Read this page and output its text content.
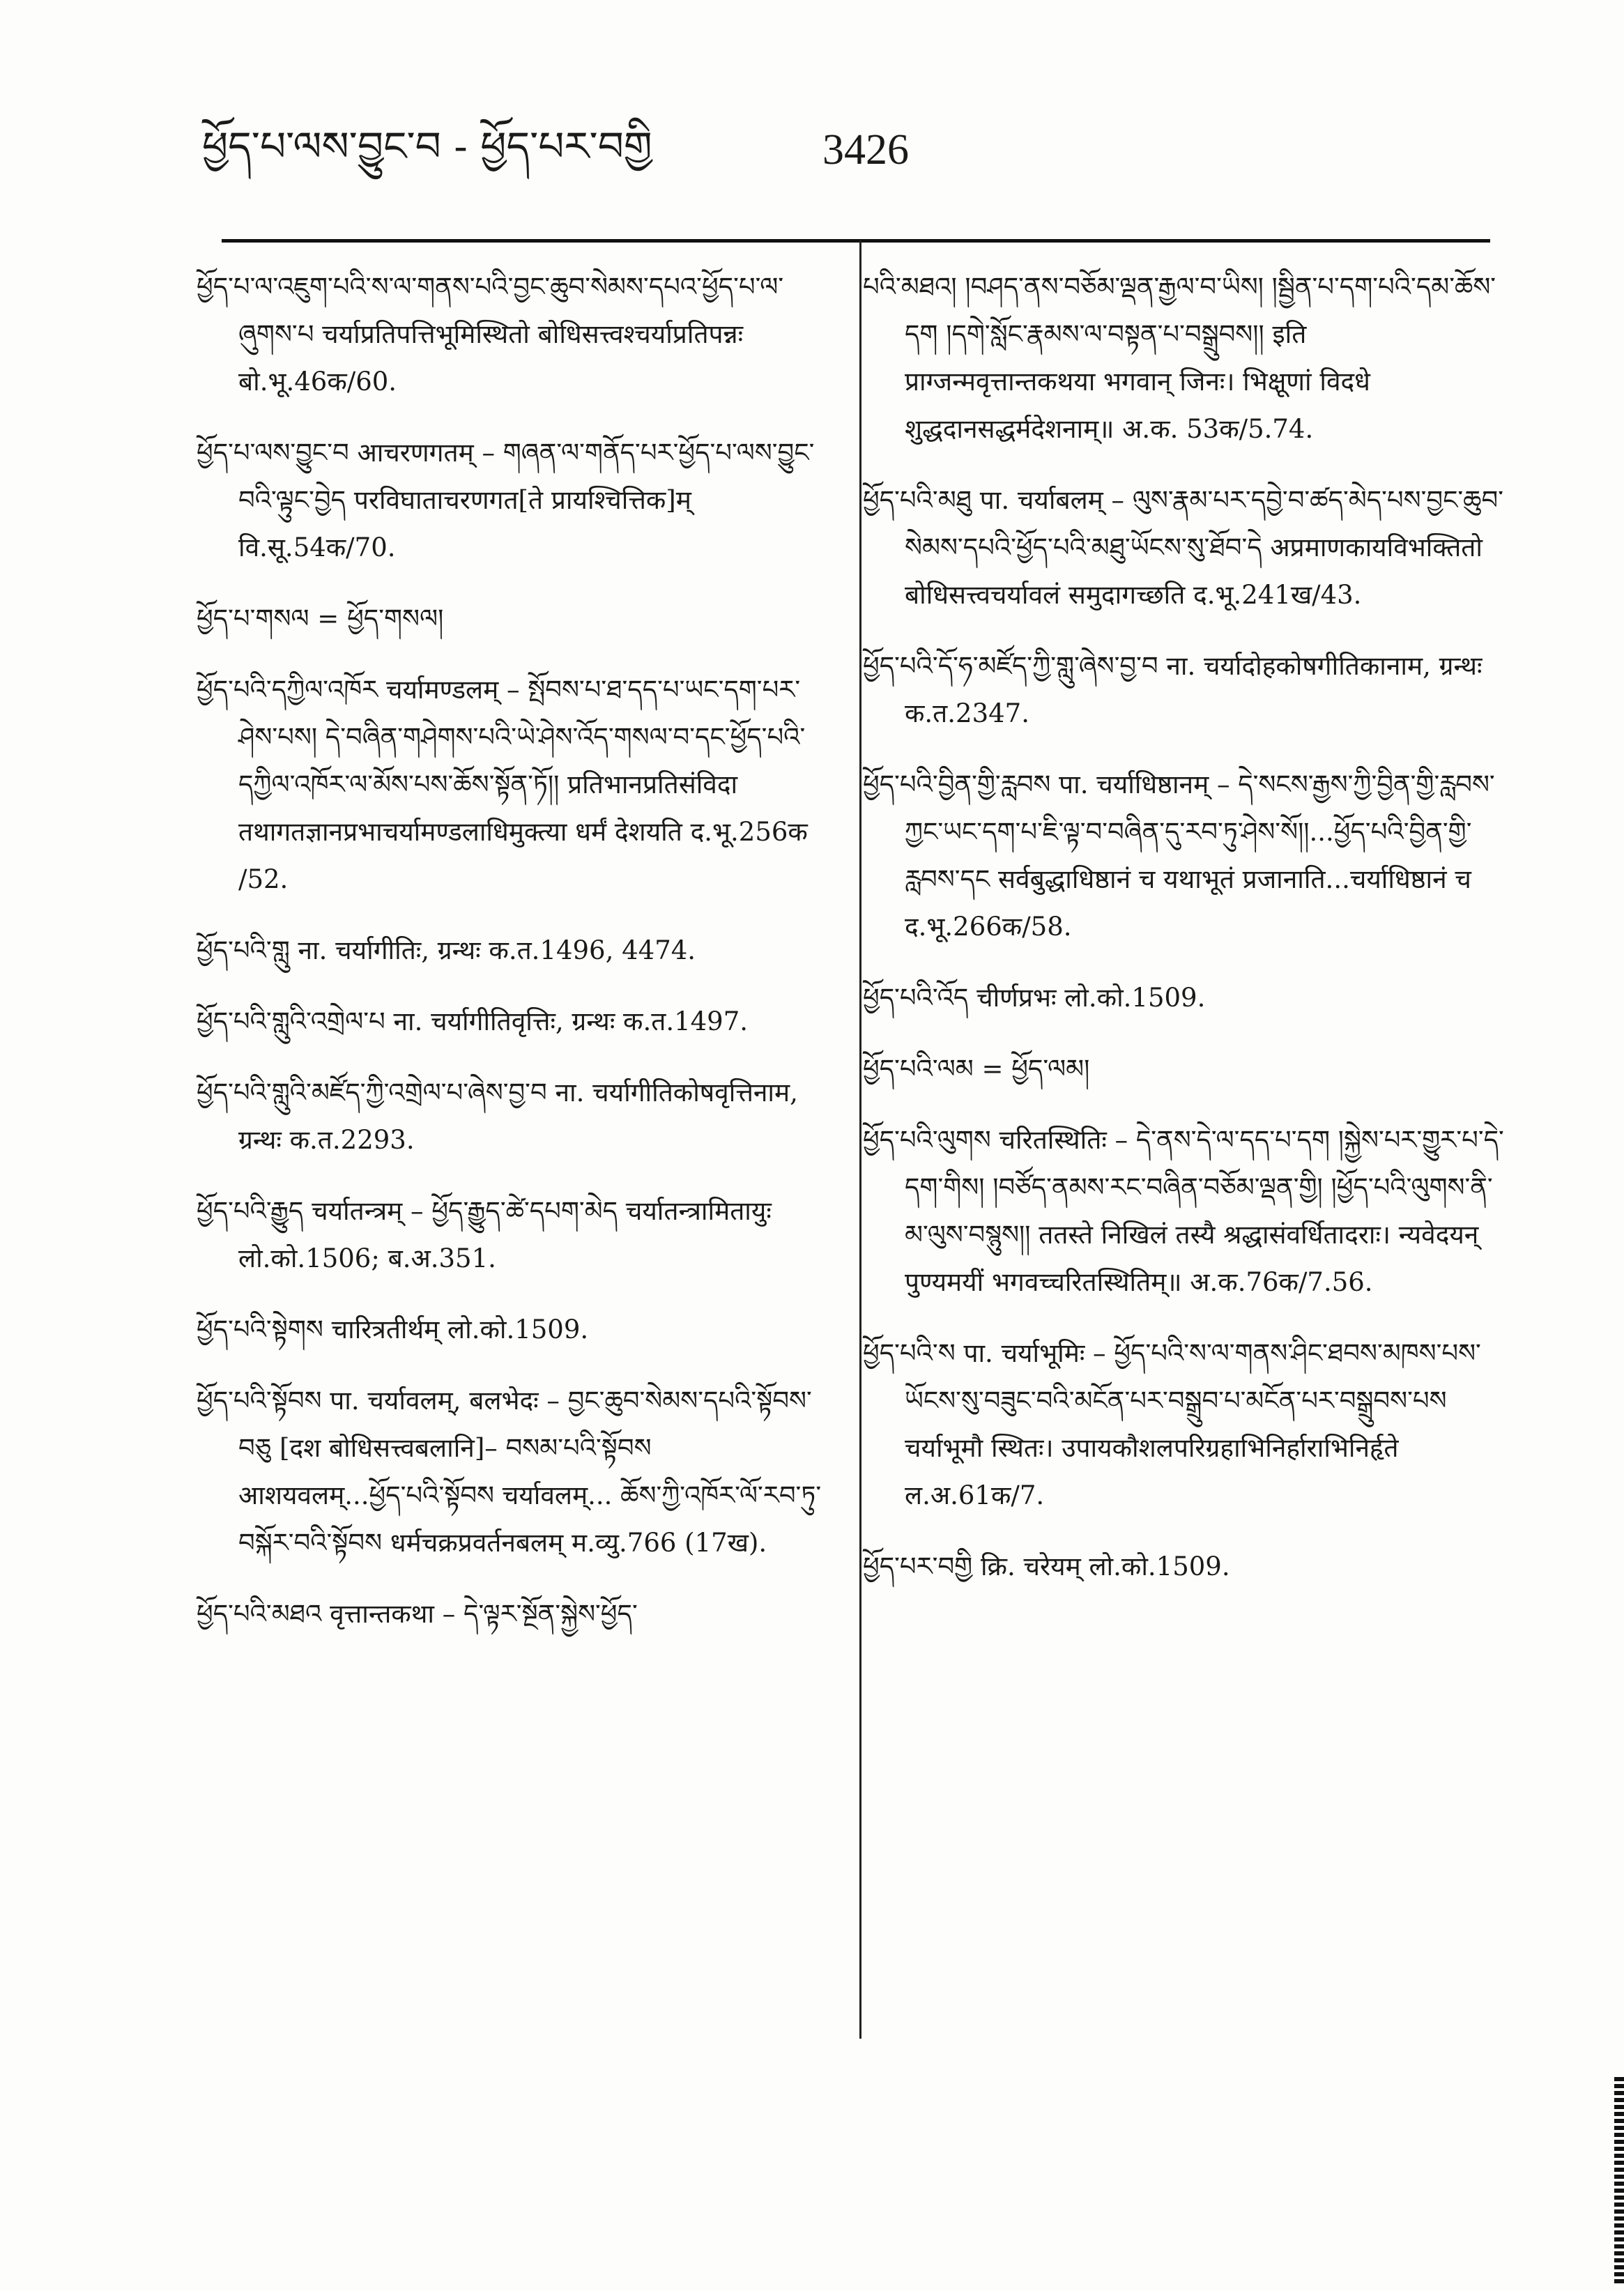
ཕྱོད་པ་ལས་བྱུང་བ - ཕྱོད་པར་བགྱི	3426

ཕྱོད་པ་ལ་འཇུག་པའི་ས་ལ་གནས་པའི་བྱང་ཆུབ་སེམས་དཔའ་ཕྱོད་པ་ལ་ཞུགས་པ चर्याप्रतिपत्तिभूमिस्थितो बोधिसत्त्वश्चर्याप्रतिपन्नः बो.भू.46क/60.

ཕྱོད་པ་ལས་བྱུང་བ आचरणगतम् – གཞན་ལ་གནོད་པར་ཕྱོད་པ་ལས་བྱུང་བའི་ལྟུང་བྱེད परविघाताचरणगत[ते प्रायश्चित्तिक]म् वि.सू.54क/70.

ཕྱོད་པ་གསལ = ཕྱོད་གསལ།

ཕྱོད་པའི་དཀྱིལ་འཁོར चर्यामण्डलम् – སྤོབས་པ་ཐ་དད་པ་ཡང་དག་པར་ཤེས་པས། དེ་བཞིན་གཤེགས་པའི་ཡེ་ཤེས་འོད་གསལ་བ་དང་ཕྱོད་པའི་དཀྱིལ་འཁོར་ལ་མོས་པས་ཆོས་སྟོན་ཏོ།། प्रतिभानप्रतिसंविदा तथागतज्ञानप्रभाचर्यामण्डलाधिमुक्त्या धर्मं देशयति द.भू.256क /52.

ཕྱོད་པའི་གླུ ना. चर्यागीतिः, ग्रन्थः क.त.1496, 4474.

ཕྱོད་པའི་གླུའི་འགྲེལ་པ ना. चर्यागीतिवृत्तिः, ग्रन्थः क.त.1497.

ཕྱོད་པའི་གླུའི་མཛོད་ཀྱི་འགྲེལ་པ་ཞེས་བྱ་བ ना. चर्यागीतिकोषवृत्तिनाम, ग्रन्थः क.त.2293.

ཕྱོད་པའི་རྒྱུད चर्यातन्त्रम् – ཕྱོད་རྒྱུད་ཚེ་དཔག་མེད चर्यातन्त्रामितायुः लो.को.1506; ब.अ.351.

ཕྱོད་པའི་སྟེགས चारित्रतीर्थम् लो.को.1509.

ཕྱོད་པའི་སྟོབས पा. चर्यावलम्, बलभेदः – བྱང་ཆུབ་སེམས་དཔའི་སྟོབས་བཅུ [दश बोधिसत्त्वबलानि]– བསམ་པའི་སྟོབས आशयवलम्...ཕྱོད་པའི་སྟོབས चर्यावलम्... ཆོས་ཀྱི་འཁོར་ལོ་རབ་ཏུ་བསྐོར་བའི་སྟོབས धर्मचक्रप्रवर्तनबलम् म.व्यु.766 (17ख).

ཕྱོད་པའི་མཐའ वृत्तान्तकथा – དེ་ལྟར་སྔོན་སྐྱེས་ཕྱོད་

པའི་མཐའ། །བཤད་ནས་བཅོམ་ལྡན་རྒྱལ་བ་ཡིས། །སྦྱིན་པ་དག་པའི་དམ་ཆོས་དག །དགེ་སློང་རྣམས་ལ་བསྟན་པ་བསྒྲུབས།། इति प्राग्जन्मवृत्तान्तकथया भगवान् जिनः। भिक्षूणां विदधे शुद्धदानसद्धर्मदेशनाम्॥ अ.क. 53क/5.74.

ཕྱོད་པའི་མཐུ पा. चर्याबलम् – ལུས་རྣམ་པར་དབྱེ་བ་ཚད་མེད་པས་བྱང་ཆུབ་སེམས་དཔའི་ཕྱོད་པའི་མཐུ་ཡོངས་སུ་ཐོབ་དེ अप्रमाणकायविभक्तितो बोधिसत्त्वचर्यावलं समुदागच्छति द.भू.241ख/43.

ཕྱོད་པའི་དོ་ཧ་མཛོད་ཀྱི་གླུ་ཞེས་བྱ་བ ना. चर्यादोहकोषगीतिकानाम, ग्रन्थः क.त.2347.

ཕྱོད་པའི་བྱིན་གྱི་རླབས पा. चर्याधिष्ठानम् – དེ་སངས་རྒྱས་ཀྱི་བྱིན་གྱི་རླབས་ཀྱང་ཡང་དག་པ་ཇི་ལྟ་བ་བཞིན་དུ་རབ་ཏུ་ཤེས་སོ།།...ཕྱོད་པའི་བྱིན་གྱི་རླབས་དང सर्वबुद्धाधिष्ठानं च यथाभूतं प्रजानाति...चर्याधिष्ठानं च द.भू.266क/58.

ཕྱོད་པའི་འོད चीर्णप्रभः लो.को.1509.

ཕྱོད་པའི་ལམ = ཕྱོད་ལམ།

ཕྱོད་པའི་ལུགས चरितस्थितिः – དེ་ནས་དེ་ལ་དད་པ་དག །སྐྱེས་པར་གྱུར་པ་དེ་དག་གིས། །བཙོད་ནམས་རང་བཞིན་བཅོམ་ལྡན་གྱི། །ཕྱོད་པའི་ལུགས་ནི་མ་ལུས་བསྙུས།། ततस्ते निखिलं तस्यै श्रद्धासंवर्धितादराः। न्यवेदयन् पुण्यमयीं भगवच्चरितस्थितिम्॥ अ.क.76क/7.56.

ཕྱོད་པའི་ས पा. चर्याभूमिः – ཕྱོད་པའི་ས་ལ་གནས་ཤིང་ཐབས་མཁས་པས་ཡོངས་སུ་བཟུང་བའི་མངོན་པར་བསྒྲུབ་པ་མངོན་པར་བསྒྲུབས་པས चर्याभूमौ स्थितः। उपायकौशलपरिग्रहाभिनिर्हाराभिनिर्हृते ल.अ.61क/7.

ཕྱོད་པར་བགྱི क्रि. चरेयम् लो.को.1509.
